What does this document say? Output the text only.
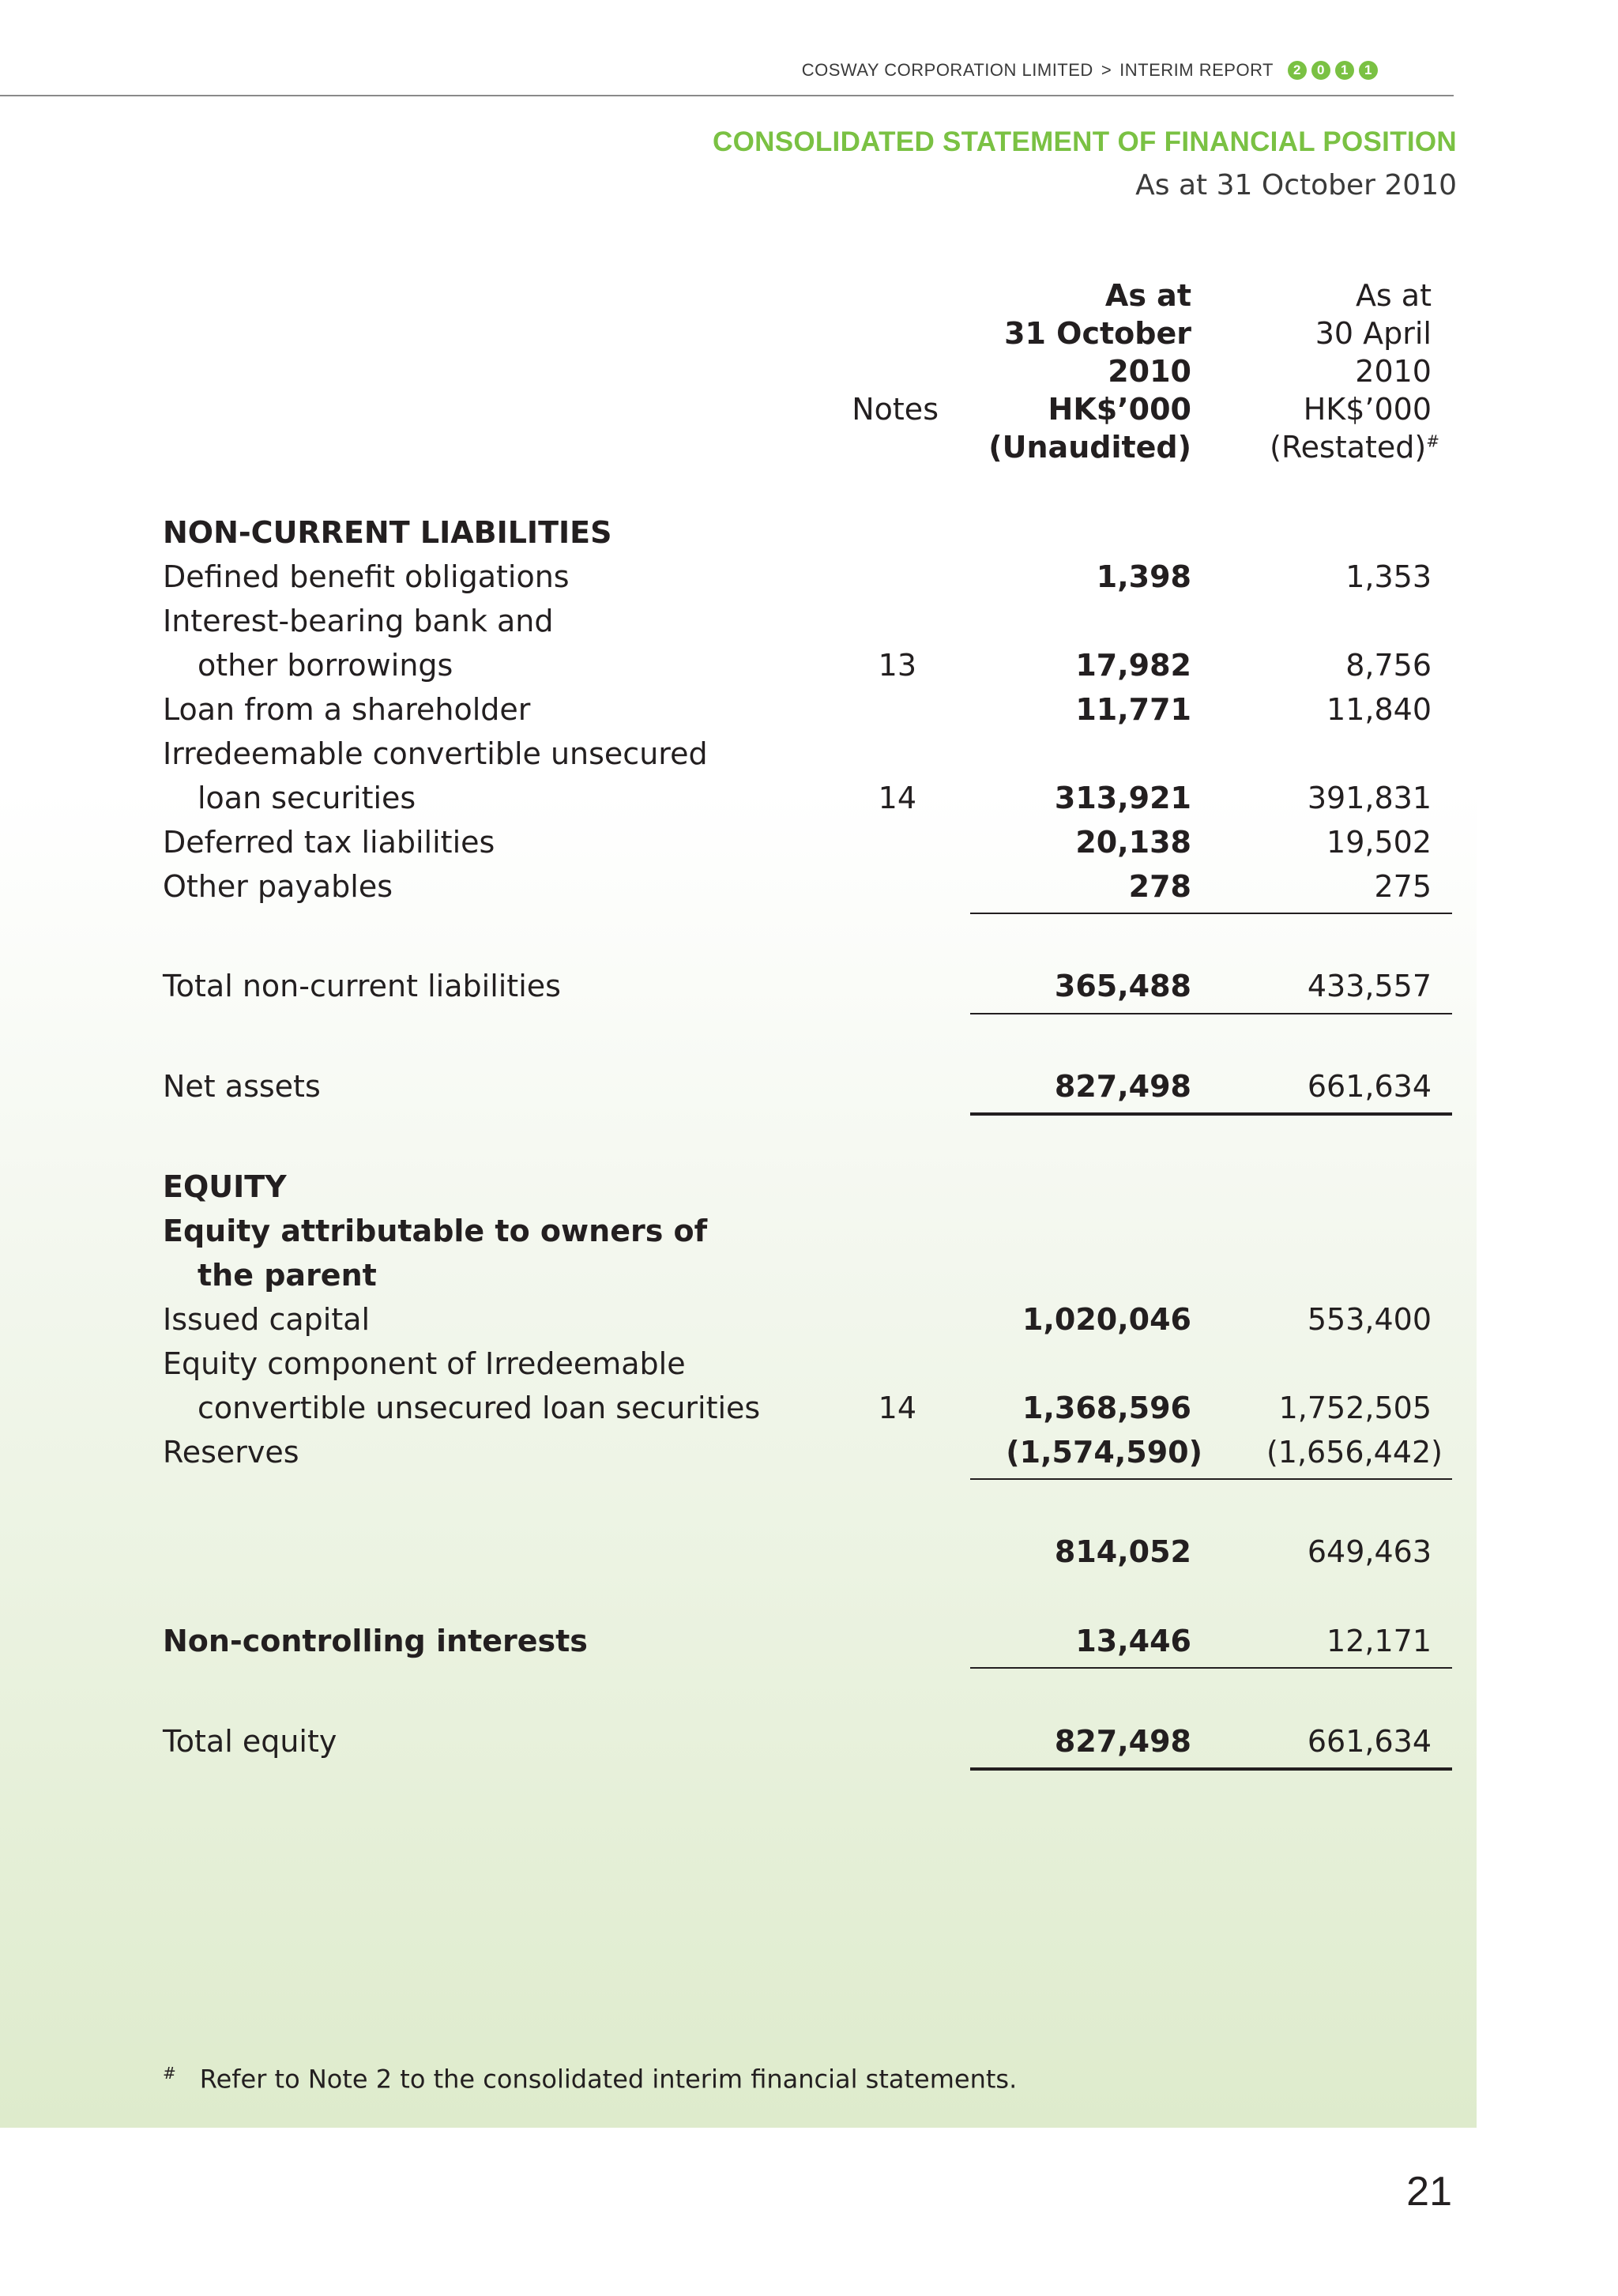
COSWAY CORPORATION LIMITED > INTERIM REPORT	2	0	1	1
CONSOLIDATED STATEMENT OF FINANCIAL POSITION
As at 31 October 2010
Notes
As at
31 October
2010
HK$’000
(Unaudited)
As at
30 April
2010
HK$’000
(Restated)#
NON-CURRENT LIABILITIES
Defined benefit obligations	1,398	1,353
Interest-bearing bank and
other borrowings	13	17,982	8,756
Loan from a shareholder	11,771	11,840
Irredeemable convertible unsecured
loan securities	14	313,921	391,831
Deferred tax liabilities	20,138	19,502
Other payables	278	275
Total non-current liabilities	365,488	433,557
Net assets	827,498	661,634
EQUITY
Equity attributable to owners of
the parent
Issued capital	1,020,046	553,400
Equity component of Irredeemable
convertible unsecured loan securities	14	1,368,596	1,752,505
Reserves	(1,574,590) (1,656,442)
814,052	649,463
Non-controlling interests	13,446	12,171
Total equity	827,498	661,634
# Refer to Note 2 to the consolidated interim financial statements.
21
